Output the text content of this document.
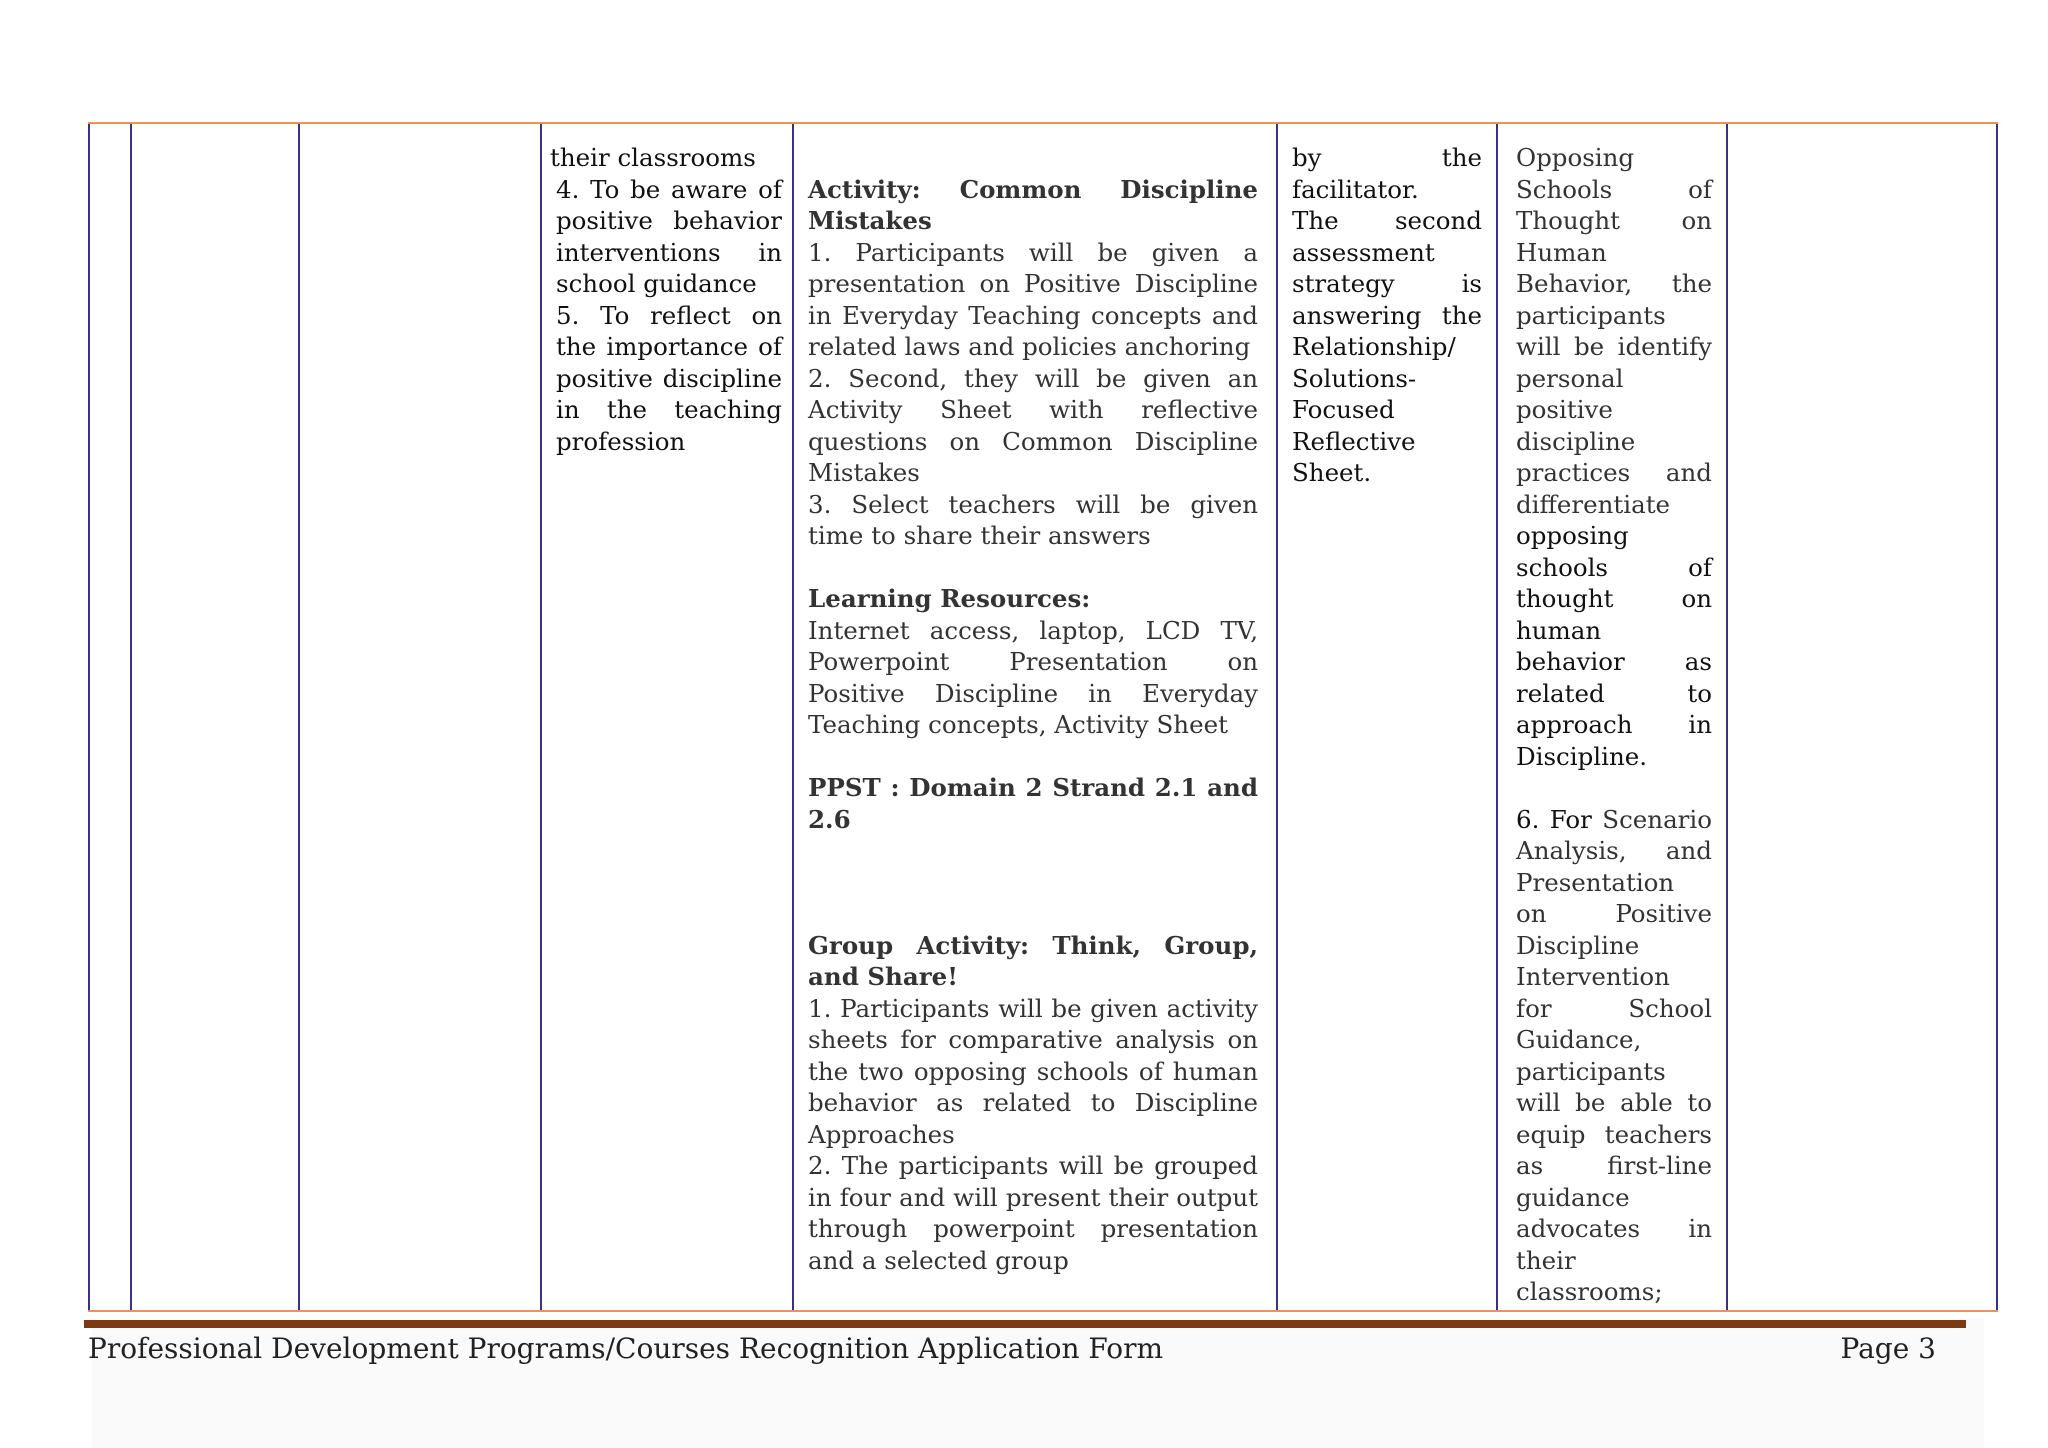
their classrooms

4. To be aware of positive behavior interventions in school guidance

5. To reflect on the importance of positive discipline in the teaching profession

Activity: Common Discipline Mistakes

1. Participants will be given a presentation on Positive Discipline in Everyday Teaching concepts and related laws and policies anchoring

2. Second, they will be given an Activity Sheet with reflective questions on Common Discipline Mistakes

3. Select teachers will be given time to share their answers

Learning Resources:

Internet access, laptop, LCD TV, Powerpoint Presentation on Positive Discipline in Everyday Teaching concepts, Activity Sheet

PPST : Domain 2 Strand 2.1 and 2.6

Group Activity: Think, Group, and Share!

1. Participants will be given activity sheets for comparative analysis on the two opposing schools of human behavior as related to Discipline Approaches

2. The participants will be grouped in four and will present their output through powerpoint presentation and a selected group

by the facilitator.

The second assessment strategy is answering the Relationship/ Solutions-Focused Reflective Sheet.

Opposing Schools of Thought on Human Behavior, the participants will be identify personal positive discipline practices and differentiate

opposing schools of thought on human behavior as related to approach in Discipline.

6. For Scenario Analysis, and Presentation on Positive Discipline Intervention for School Guidance, participants will be able to equip teachers as first-line guidance advocates in their classrooms;

Professional Development Programs/Courses Recognition Application Form	Page 3
